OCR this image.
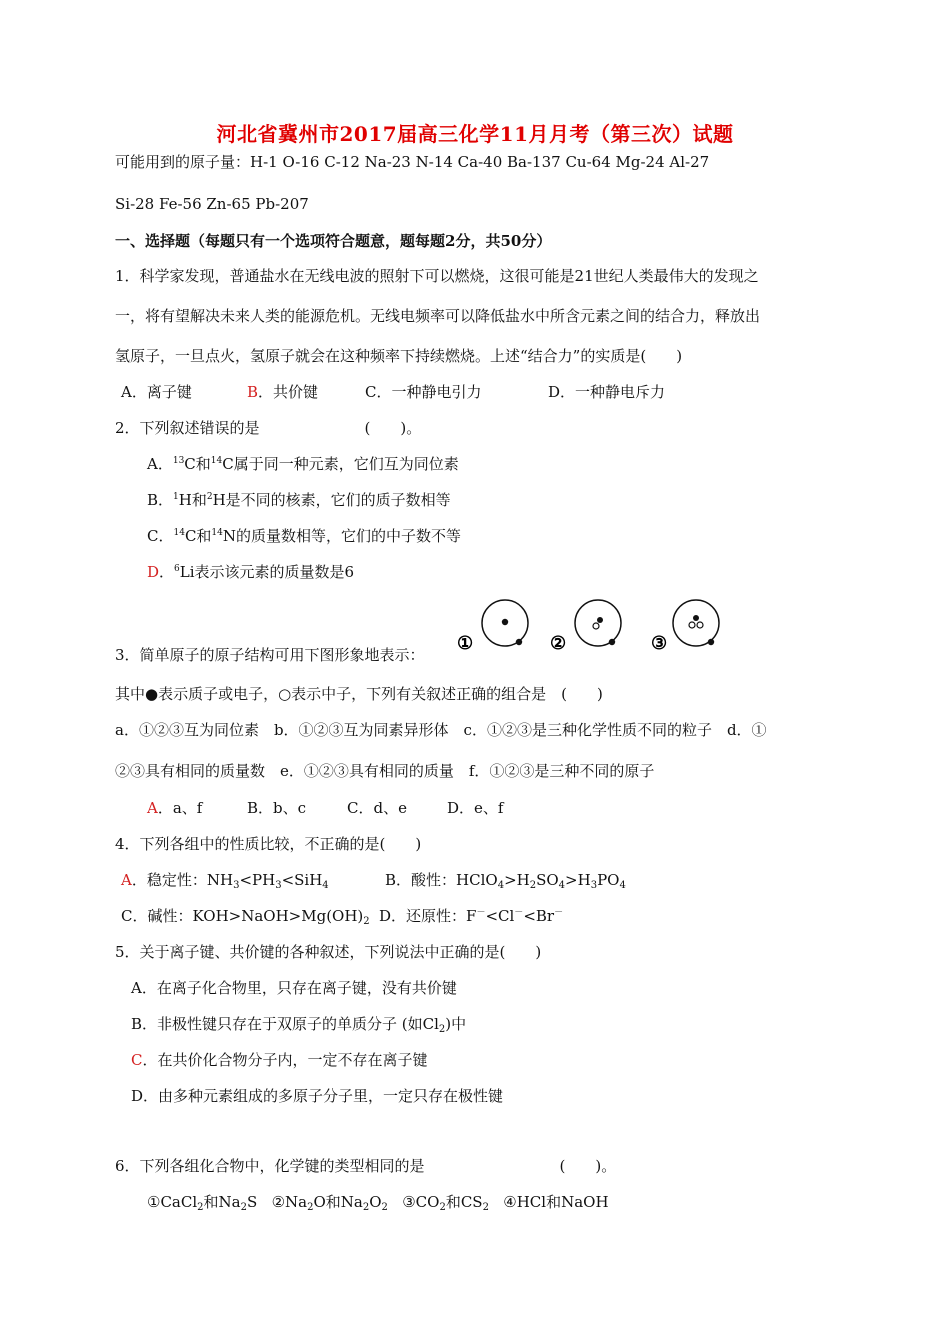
河北省冀州市2017届高三化学11月月考（第三次）试题
可能用到的原子量：H-1 O-16 C-12 Na-23 N-14 Ca-40 Ba-137 Cu-64 Mg-24 Al-27
Si-28 Fe-56 Zn-65 Pb-207
一、选择题（每题只有一个选项符合题意，题每题2分，共50分）
1．科学家发现，普通盐水在无线电波的照射下可以燃烧，这很可能是21世纪人类最伟大的发现之
一，将有望解决未来人类的能源危机。无线电频率可以降低盐水中所含元素之间的结合力，释放出
氢原子，一旦点火，氢原子就会在这种频率下持续燃烧。上述“结合力”的实质是(　　)
A．离子键	B．共价键	C．一种静电引力	D．一种静电斥力
2．下列叙述错误的是　　　　　　　(　　)。
A．$^{13}$C和$^{14}$C属于同一种元素，它们互为同位素
B．$^1$H和$^2$H是不同的核素，它们的质子数相等
C．$^{14}$C和$^{14}$N的质量数相等，它们的中子数不等
D．$^6$Li表示该元素的质量数是6
3．简单原子的原子结构可用下图形象地表示：
①	②	③
其中●表示质子或电子，○表示中子，下列有关叙述正确的组合是　(　　)
a．①②③互为同位素　b．①②③互为同素异形体　c．①②③是三种化学性质不同的粒子　d．①
②③具有相同的质量数　e．①②③具有相同的质量　f．①②③是三种不同的原子
A．a、f	B．b、c	C．d、e	D．e、f
4．下列各组中的性质比较，不正确的是(　　)
A．稳定性：$NH_3<PH_3<SiH_4$	B．酸性：$HClO_4>H_2SO_4>H_3PO_4$
C．碱性：$KOH>NaOH>Mg(OH)_2$ D．还原性：F－<Cl－<Br－
5．关于离子键、共价键的各种叙述，下列说法中正确的是(　　)
A．在离子化合物里，只存在离子键，没有共价键
B．非极性键只存在于双原子的单质分子 (如$Cl_2$)中
C．在共价化合物分子内，一定不存在离子键
D．由多种元素组成的多原子分子里，一定只存在极性键
6．下列各组化合物中，化学键的类型相同的是　　　　　　　　　(　　)。
①CaCl$_2$和$Na_2S$ $②Na_2O$和$Na_2O_2$ $③CO_2$和$CS_2$ ④HCl和NaOH
